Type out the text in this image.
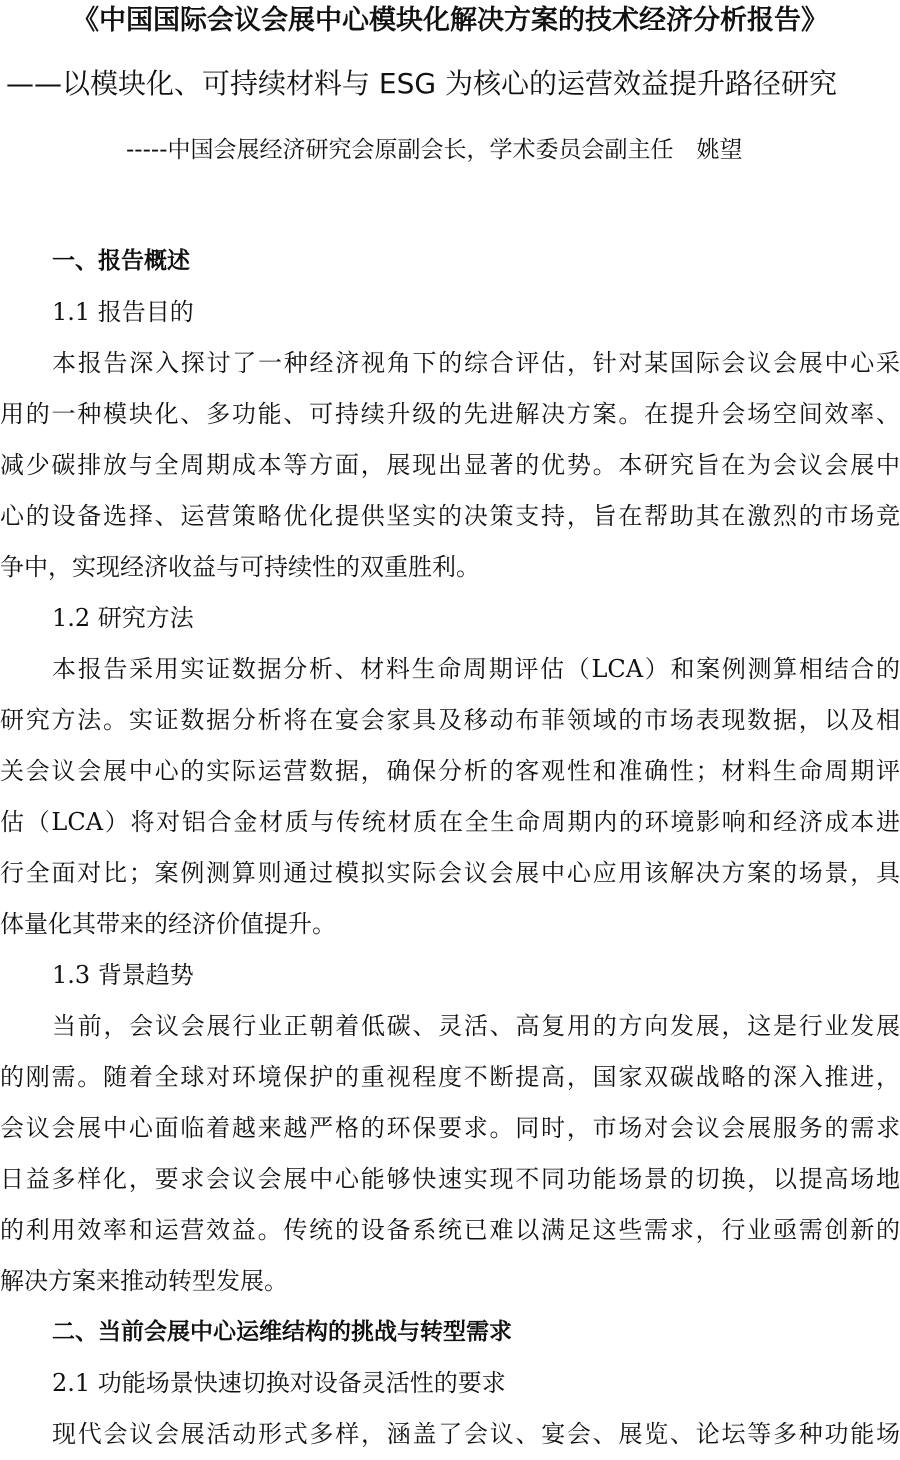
《中国国际会议会展中心模块化解决方案的技术经济分析报告》
——以模块化、可持续材料与 ESG 为核心的运营效益提升路径研究
-----中国会展经济研究会原副会长，学术委员会副主任　姚望
一、报告概述
1.1 报告目的
本报告深入探讨了一种经济视角下的综合评估，针对某国际会议会展中心采
用的一种模块化、多功能、可持续升级的先进解决方案。在提升会场空间效率、
减少碳排放与全周期成本等方面，展现出显著的优势。本研究旨在为会议会展中
心的设备选择、运营策略优化提供坚实的决策支持，旨在帮助其在激烈的市场竞
争中，实现经济收益与可持续性的双重胜利。
1.2 研究方法
本报告采用实证数据分析、材料生命周期评估（LCA）和案例测算相结合的
研究方法。实证数据分析将在宴会家具及移动布菲领域的市场表现数据，以及相
关会议会展中心的实际运营数据，确保分析的客观性和准确性；材料生命周期评
估（LCA）将对铝合金材质与传统材质在全生命周期内的环境影响和经济成本进
行全面对比；案例测算则通过模拟实际会议会展中心应用该解决方案的场景，具
体量化其带来的经济价值提升。
1.3 背景趋势
当前，会议会展行业正朝着低碳、灵活、高复用的方向发展，这是行业发展
的刚需。随着全球对环境保护的重视程度不断提高，国家双碳战略的深入推进，
会议会展中心面临着越来越严格的环保要求。同时，市场对会议会展服务的需求
日益多样化，要求会议会展中心能够快速实现不同功能场景的切换，以提高场地
的利用效率和运营效益。传统的设备系统已难以满足这些需求，行业亟需创新的
解决方案来推动转型发展。
二、当前会展中心运维结构的挑战与转型需求
2.1 功能场景快速切换对设备灵活性的要求
现代会议会展活动形式多样，涵盖了会议、宴会、展览、论坛等多种功能场
